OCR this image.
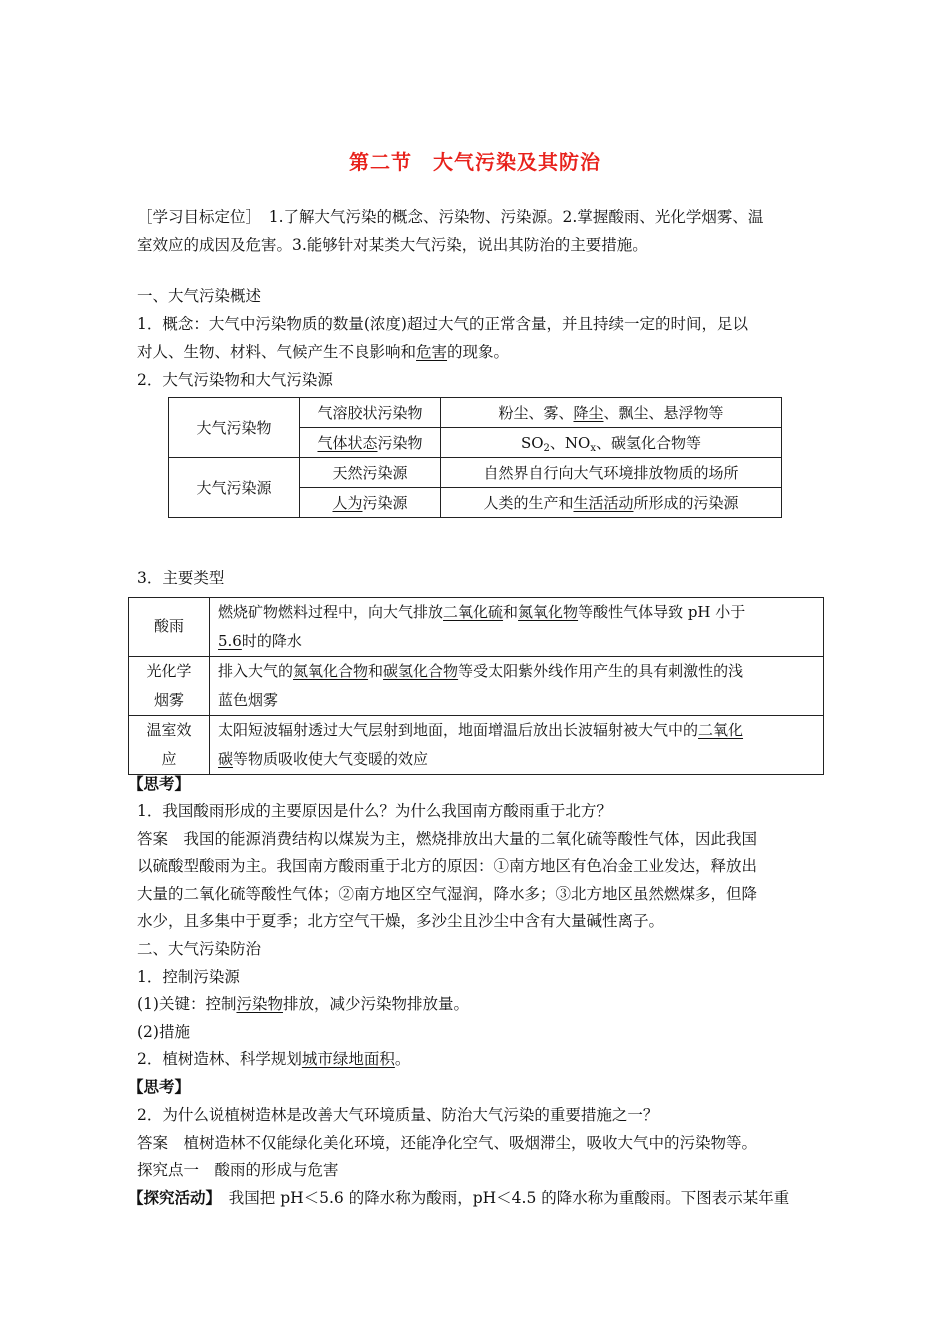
第二节　大气污染及其防治
［学习目标定位］　1.了解大气污染的概念、污染物、污染源。2.掌握酸雨、光化学烟雾、温
室效应的成因及危害。3.能够针对某类大气污染，说出其防治的主要措施。
一、大气污染概述
1．概念：大气中污染物质的数量(浓度)超过大气的正常含量，并且持续一定的时间，足以
对人、生物、材料、气候产生不良影响和危害的现象。
2．大气污染物和大气污染源
大气污染物	气溶胶状污染物	粉尘、雾、降尘、飘尘、悬浮物等
	气体状态污染物	$SO_2$、$NO_x$、碳氢化合物等
大气污染源	天然污染源	自然界自行向大气环境排放物质的场所
	人为污染源	人类的生产和生活活动所形成的污染源
3．主要类型
酸雨	燃烧矿物燃料过程中，向大气排放二氧化硫和氮氧化物等酸性气体导致 pH 小于
5.6时的降水
光化学
烟雾	排入大气的氮氧化合物和碳氢化合物等受太阳紫外线作用产生的具有刺激性的浅
蓝色烟雾
温室效
应	太阳短波辐射透过大气层射到地面，地面增温后放出长波辐射被大气中的二氧化
碳等物质吸收使大气变暖的效应
【思考】
1．我国酸雨形成的主要原因是什么？为什么我国南方酸雨重于北方？
答案　我国的能源消费结构以煤炭为主，燃烧排放出大量的二氧化硫等酸性气体，因此我国
以硫酸型酸雨为主。我国南方酸雨重于北方的原因：①南方地区有色冶金工业发达，释放出
大量的二氧化硫等酸性气体；②南方地区空气湿润，降水多；③北方地区虽然燃煤多，但降
水少，且多集中于夏季；北方空气干燥，多沙尘且沙尘中含有大量碱性离子。
二、大气污染防治
1．控制污染源
(1)关键：控制污染物排放，减少污染物排放量。
(2)措施
2．植树造林、科学规划城市绿地面积。
【思考】
2．为什么说植树造林是改善大气环境质量、防治大气污染的重要措施之一？
答案　植树造林不仅能绿化美化环境，还能净化空气、吸烟滞尘，吸收大气中的污染物等。
探究点一　酸雨的形成与危害
【探究活动】　我国把 pH＜5.6 的降水称为酸雨，pH＜4.5 的降水称为重酸雨。下图表示某年重
